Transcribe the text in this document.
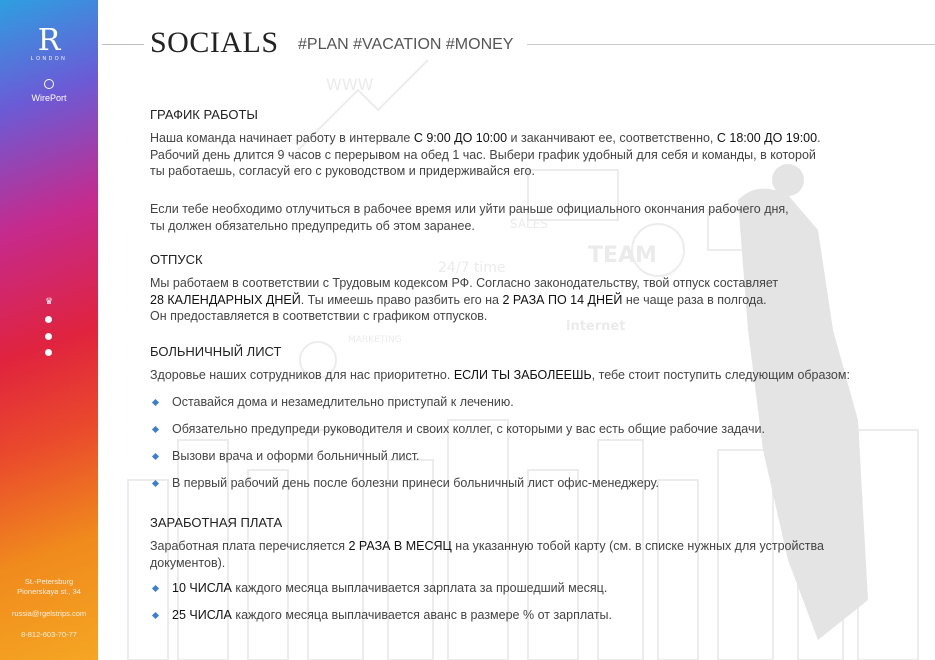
R
LONDON
WirePort
♛
St.-Petersburg
Pionerskaya st., 34
russia@rgelstrips.com
8-812-603-70-77
WWW
TEAM
24/7 time
internet
MARKETING
SALES
SOCIALS #PLAN #VACATION #MONEY
ГРАФИК РАБОТЫ
Наша команда начинает работу в интервале С 9:00 ДО 10:00 и заканчивают ее, соответственно, С 18:00 ДО 19:00.
Рабочий день длится 9 часов с перерывом на обед 1 час. Выбери график удобный для себя и команды, в которой
ты работаешь, согласуй его с руководством и придерживайся его.
Если тебе необходимо отлучиться в рабочее время или уйти раньше официального окончания рабочего дня,
ты должен обязательно предупредить об этом заранее.
ОТПУСК
Мы работаем в соответствии с Трудовым кодексом РФ. Согласно законодательству, твой отпуск составляет
28 КАЛЕНДАРНЫХ ДНЕЙ. Ты имеешь право разбить его на 2 РАЗА ПО 14 ДНЕЙ не чаще раза в полгода.
Он предоставляется в соответствии с графиком отпусков.
БОЛЬНИЧНЫЙ ЛИСТ
Здоровье наших сотрудников для нас приоритетно. ЕСЛИ ТЫ ЗАБОЛЕЕШЬ, тебе стоит поступить следующим образом:
Оставайся дома и незамедлительно приступай к лечению.
Обязательно предупреди руководителя и своих коллег, с которыми у вас есть общие рабочие задачи.
Вызови врача и оформи больничный лист.
В первый рабочий день после болезни принеси больничный лист офис-менеджеру.
ЗАРАБОТНАЯ ПЛАТА
Заработная плата перечисляется 2 РАЗА В МЕСЯЦ на указанную тобой карту (см. в списке нужных для устройства
документов).
10 ЧИСЛА каждого месяца выплачивается зарплата за прошедший месяц.
25 ЧИСЛА каждого месяца выплачивается аванс в размере % от зарплаты.
